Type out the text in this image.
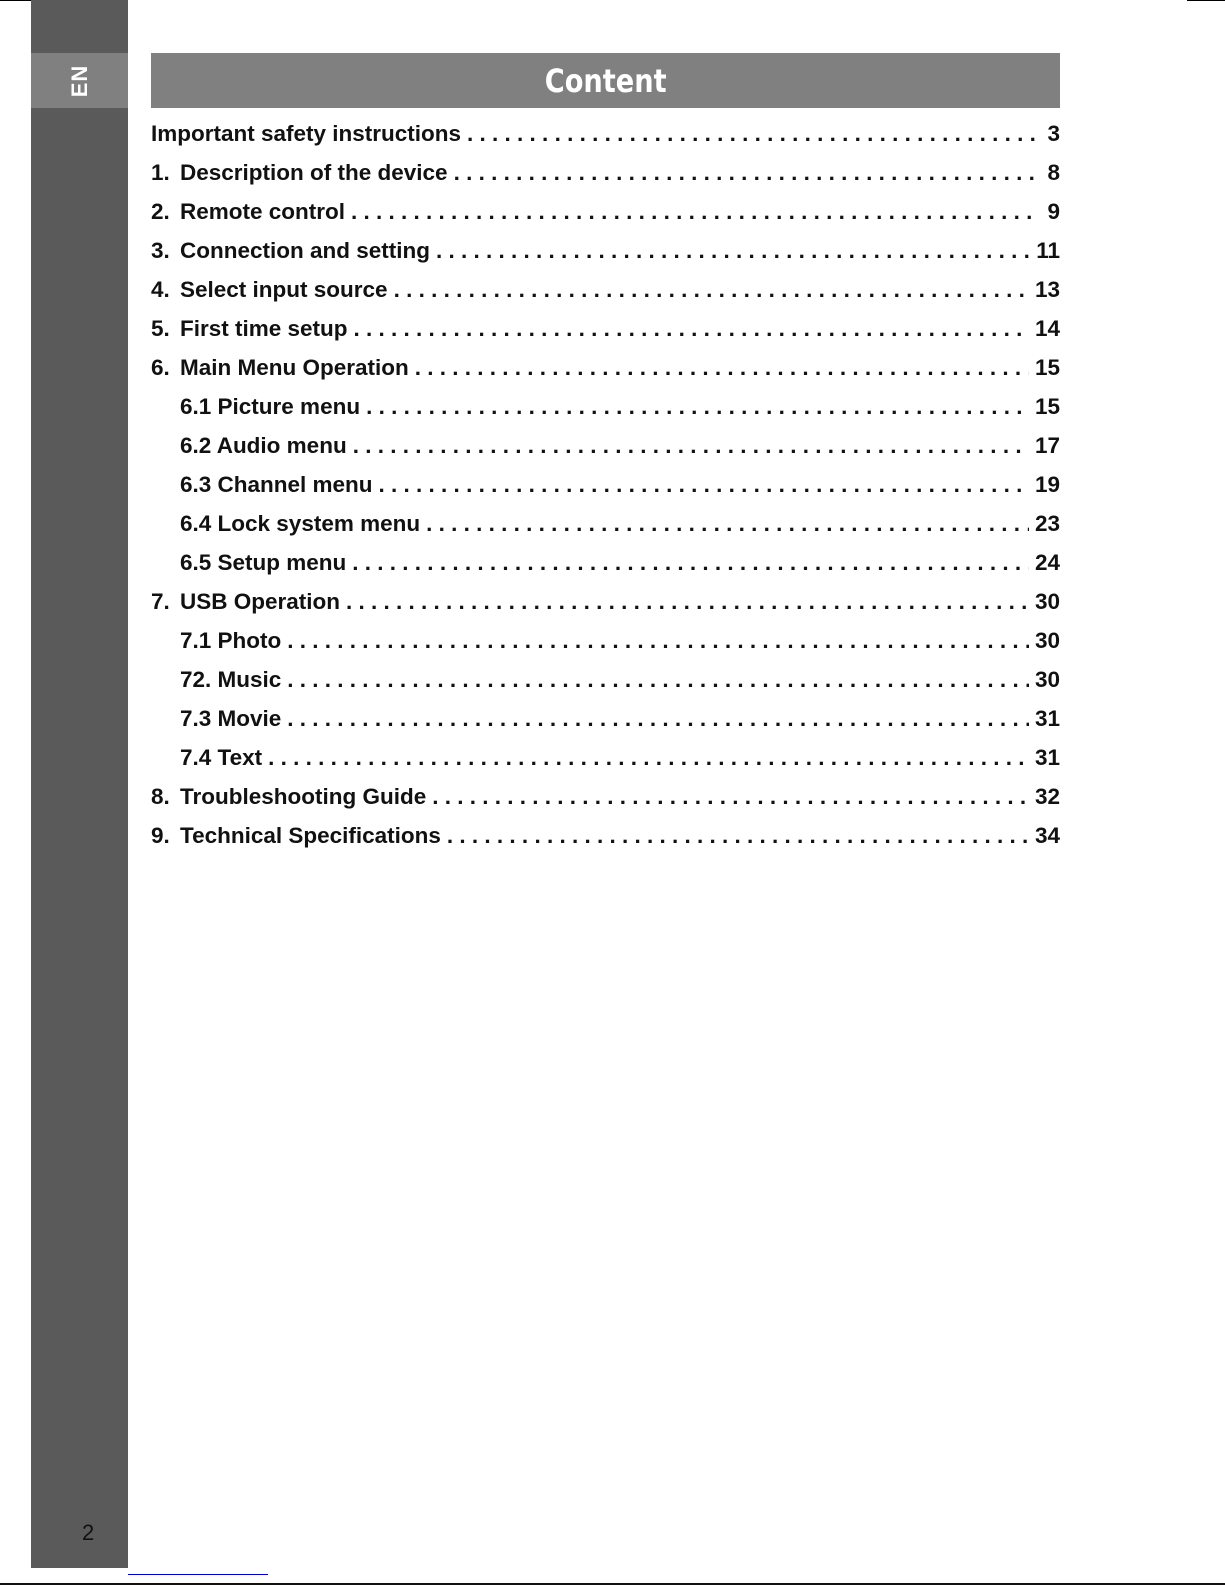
EN
2
Content
Important safety instructions . . .	3
1. Description of the device . . .	8
2. Remote control . . .	9
3. Connection and setting . . .	11
4. Select input source . . .	13
5. First time setup . . .	14
6. Main Menu Operation . . .	15
6.1 Picture menu . . .	15
6.2 Audio menu . . .	17
6.3 Channel menu . . .	19
6.4 Lock system menu . . .	23
6.5 Setup menu . . .	24
7. USB Operation . . .	30
7.1 Photo . . .	30
72. Music . . .	30
7.3 Movie . . .	31
7.4 Text . . .	31
8. Troubleshooting Guide . . .	32
9. Technical Specifications . . .	34
